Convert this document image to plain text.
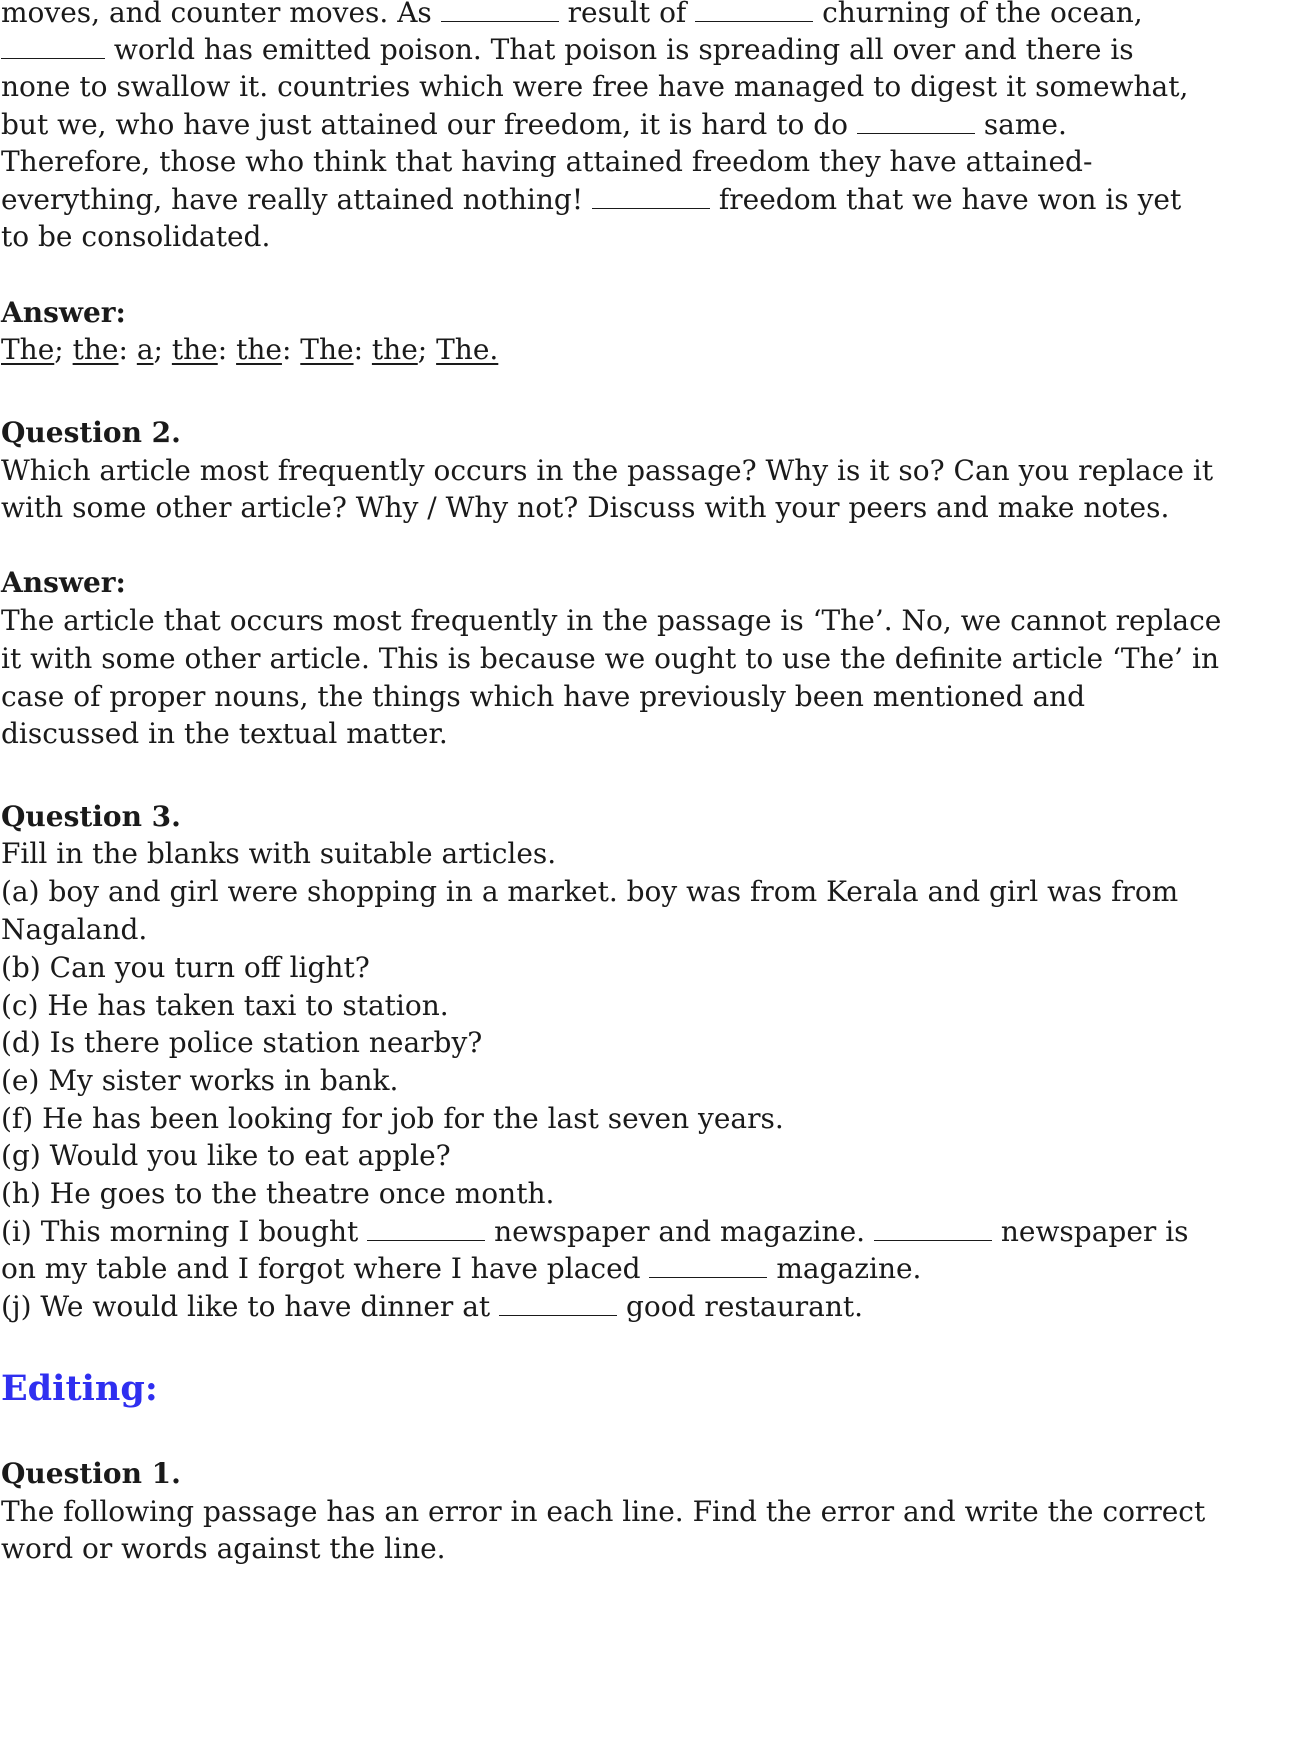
moves, and counter moves. As	result of	churning of the ocean,
world has emitted poison. That poison is spreading all over and there is
none to swallow it. countries which were free have managed to digest it somewhat,
but we, who have just attained our freedom, it is hard to do	same.
Therefore, those who think that having attained freedom they have attained-
everything, have really attained nothing!	freedom that we have won is yet
to be consolidated.
Answer:
The; the: a; the: the: The: the; The.
Question 2.
Which article most frequently occurs in the passage? Why is it so? Can you replace it
with some other article? Why / Why not? Discuss with your peers and make notes.
Answer:
The article that occurs most frequently in the passage is ‘The’. No, we cannot replace
it with some other article. This is because we ought to use the definite article ‘The’ in
case of proper nouns, the things which have previously been mentioned and
discussed in the textual matter.
Question 3.
Fill in the blanks with suitable articles.
(a) boy and girl were shopping in a market. boy was from Kerala and girl was from
Nagaland.
(b) Can you turn off light?
(c) He has taken taxi to station.
(d) Is there police station nearby?
(e) My sister works in bank.
(f) He has been looking for job for the last seven years.
(g) Would you like to eat apple?
(h) He goes to the theatre once month.
(i) This morning I bought	newspaper and magazine.	newspaper is
on my table and I forgot where I have placed	magazine.
(j) We would like to have dinner at	good restaurant.
Editing:
Question 1.
The following passage has an error in each line. Find the error and write the correct
word or words against the line.
